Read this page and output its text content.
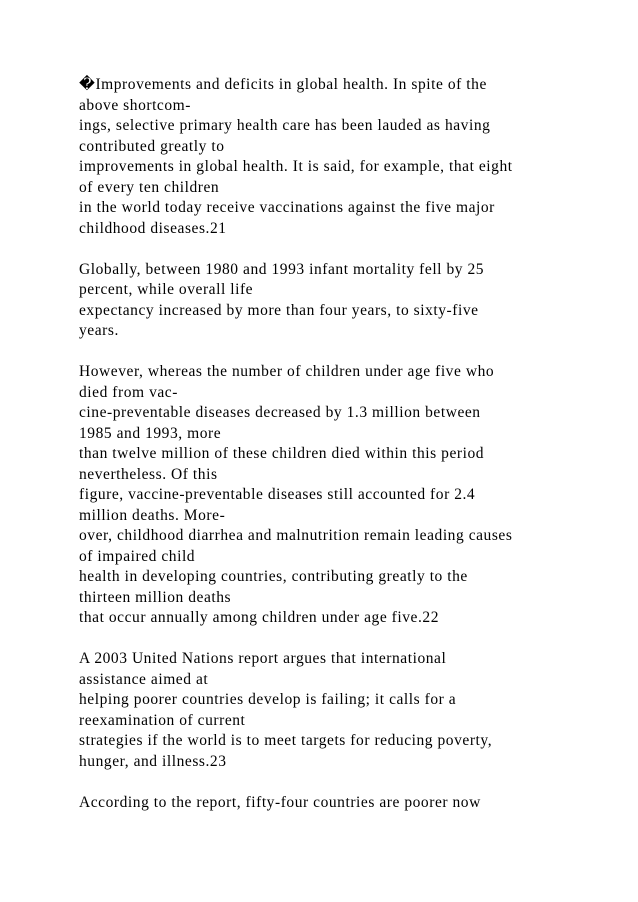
�Improvements and deficits in global health. In spite of the
above shortcom-
ings, selective primary health care has been lauded as having
contributed greatly to
improvements in global health. It is said, for example, that eight
of every ten children
in the world today receive vaccinations against the five major
childhood diseases.21
Globally, between 1980 and 1993 infant mortality fell by 25
percent, while overall life
expectancy increased by more than four years, to sixty-five
years.
However, whereas the number of children under age five who
died from vac-
cine-preventable diseases decreased by 1.3 million between
1985 and 1993, more
than twelve million of these children died within this period
nevertheless. Of this
figure, vaccine-preventable diseases still accounted for 2.4
million deaths. More-
over, childhood diarrhea and malnutrition remain leading causes
of impaired child
health in developing countries, contributing greatly to the
thirteen million deaths
that occur annually among children under age five.22
A 2003 United Nations report argues that international
assistance aimed at
helping poorer countries develop is failing; it calls for a
reexamination of current
strategies if the world is to meet targets for reducing poverty,
hunger, and illness.23
According to the report, fifty-four countries are poorer now
